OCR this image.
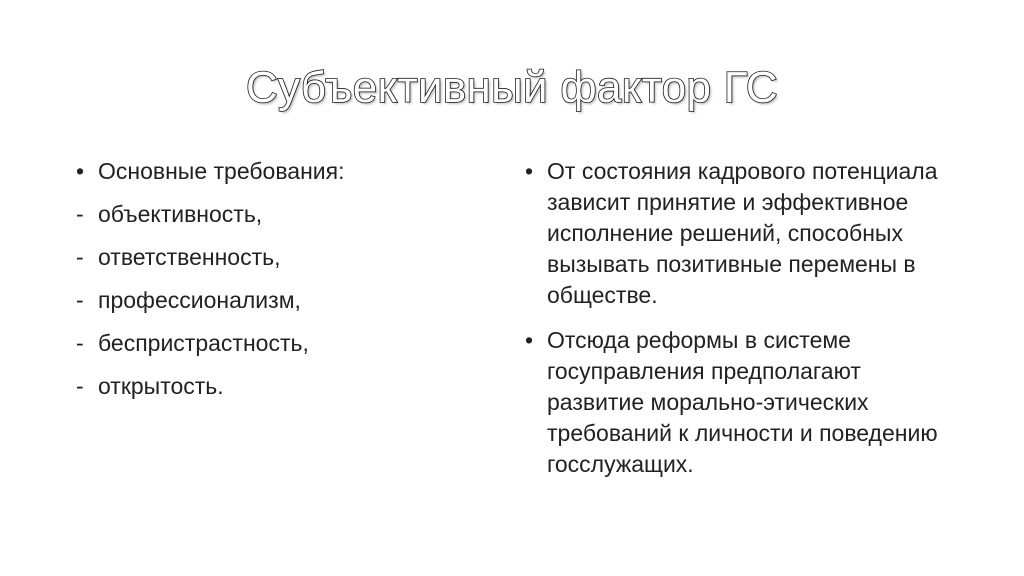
Субъективный фактор ГС
• Основные требования:
- объективность,
- ответственность,
- профессионализм,
- беспристрастность,
- открытость.
• От состояния кадрового потенциала зависит принятие и эффективное исполнение решений, способных вызывать позитивные перемены в обществе.
• Отсюда реформы в системе госуправления предполагают развитие морально-этических требований к личности и поведению госслужащих.
